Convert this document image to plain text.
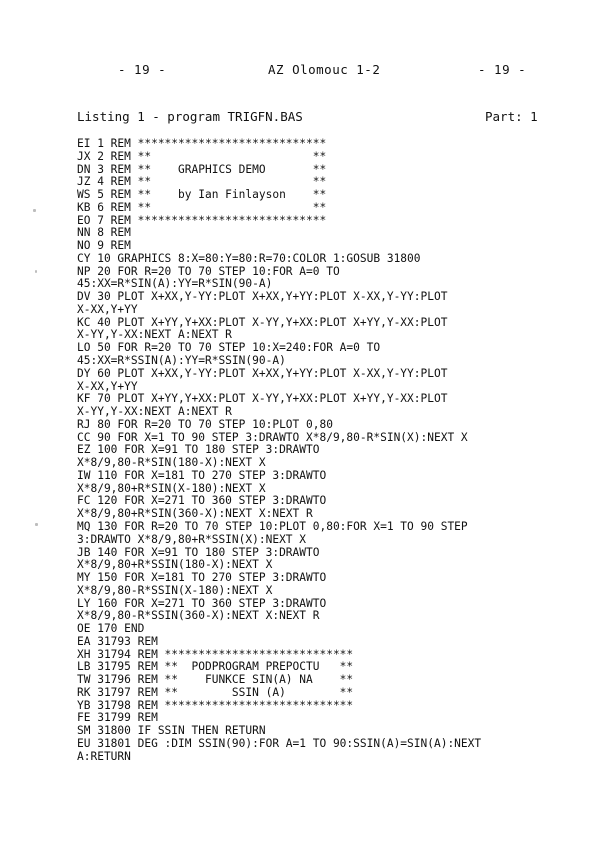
- 19 -	AZ Olomouc 1-2	- 19 -
Listing 1 - program TRIGFN.BAS	Part: 1
EI 1 REM ****************************
JX 2 REM **                        **
DN 3 REM **    GRAPHICS DEMO       **
JZ 4 REM **                        **
WS 5 REM **    by Ian Finlayson    **
KB 6 REM **                        **
EO 7 REM ****************************
NN 8 REM
NO 9 REM
CY 10 GRAPHICS 8:X=80:Y=80:R=70:COLOR 1:GOSUB 31800
NP 20 FOR R=20 TO 70 STEP 10:FOR A=0 TO
45:XX=R*SIN(A):YY=R*SIN(90-A)
DV 30 PLOT X+XX,Y-YY:PLOT X+XX,Y+YY:PLOT X-XX,Y-YY:PLOT
X-XX,Y+YY
KC 40 PLOT X+YY,Y+XX:PLOT X-YY,Y+XX:PLOT X+YY,Y-XX:PLOT
X-YY,Y-XX:NEXT A:NEXT R
LO 50 FOR R=20 TO 70 STEP 10:X=240:FOR A=0 TO
45:XX=R*SSIN(A):YY=R*SSIN(90-A)
DY 60 PLOT X+XX,Y-YY:PLOT X+XX,Y+YY:PLOT X-XX,Y-YY:PLOT
X-XX,Y+YY
KF 70 PLOT X+YY,Y+XX:PLOT X-YY,Y+XX:PLOT X+YY,Y-XX:PLOT
X-YY,Y-XX:NEXT A:NEXT R
RJ 80 FOR R=20 TO 70 STEP 10:PLOT 0,80
CC 90 FOR X=1 TO 90 STEP 3:DRAWTO X*8/9,80-R*SIN(X):NEXT X
EZ 100 FOR X=91 TO 180 STEP 3:DRAWTO
X*8/9,80-R*SIN(180-X):NEXT X
IW 110 FOR X=181 TO 270 STEP 3:DRAWTO
X*8/9,80+R*SIN(X-180):NEXT X
FC 120 FOR X=271 TO 360 STEP 3:DRAWTO
X*8/9,80+R*SIN(360-X):NEXT X:NEXT R
MQ 130 FOR R=20 TO 70 STEP 10:PLOT 0,80:FOR X=1 TO 90 STEP
3:DRAWTO X*8/9,80+R*SSIN(X):NEXT X
JB 140 FOR X=91 TO 180 STEP 3:DRAWTO
X*8/9,80+R*SSIN(180-X):NEXT X
MY 150 FOR X=181 TO 270 STEP 3:DRAWTO
X*8/9,80-R*SSIN(X-180):NEXT X
LY 160 FOR X=271 TO 360 STEP 3:DRAWTO
X*8/9,80-R*SSIN(360-X):NEXT X:NEXT R
OE 170 END
EA 31793 REM
XH 31794 REM ****************************
LB 31795 REM **  PODPROGRAM PREPOCTU   **
TW 31796 REM **    FUNKCE SIN(A) NA    **
RK 31797 REM **        SSIN (A)        **
YB 31798 REM ****************************
FE 31799 REM
SM 31800 IF SSIN THEN RETURN
EU 31801 DEG :DIM SSIN(90):FOR A=1 TO 90:SSIN(A)=SIN(A):NEXT
A:RETURN
